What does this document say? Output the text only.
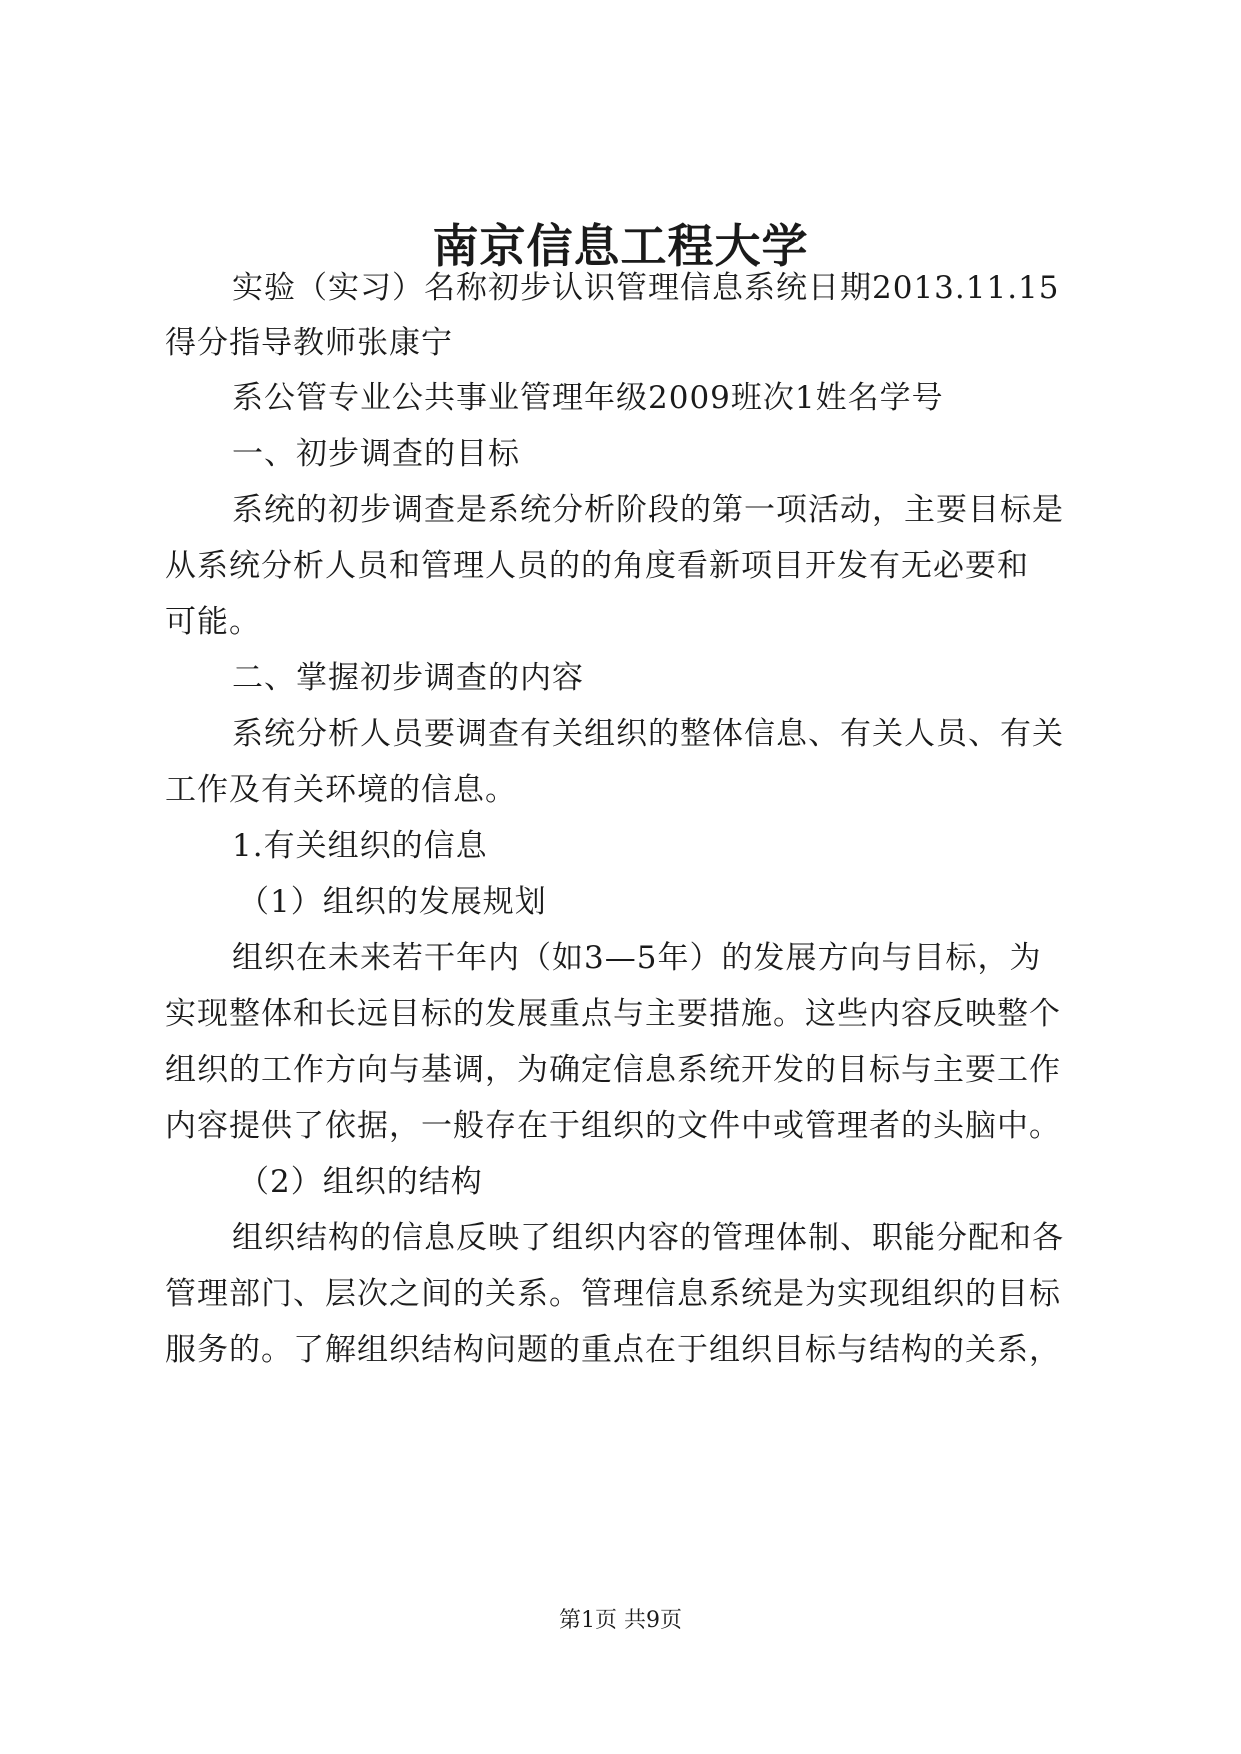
南京信息工程大学
实验（实习）名称初步认识管理信息系统日期2013.11.15
得分指导教师张康宁
系公管专业公共事业管理年级2009班次1姓名学号
一、初步调查的目标
系统的初步调查是系统分析阶段的第一项活动，主要目标是
从系统分析人员和管理人员的的角度看新项目开发有无必要和
可能。
二、掌握初步调查的内容
系统分析人员要调查有关组织的整体信息、有关人员、有关
工作及有关环境的信息。
1.有关组织的信息
（1）组织的发展规划
组织在未来若干年内（如3—5年）的发展方向与目标，为
实现整体和长远目标的发展重点与主要措施。这些内容反映整个
组织的工作方向与基调，为确定信息系统开发的目标与主要工作
内容提供了依据，一般存在于组织的文件中或管理者的头脑中。
（2）组织的结构
组织结构的信息反映了组织内容的管理体制、职能分配和各
管理部门、层次之间的关系。管理信息系统是为实现组织的目标
服务的。了解组织结构问题的重点在于组织目标与结构的关系，
第1页 共9页
